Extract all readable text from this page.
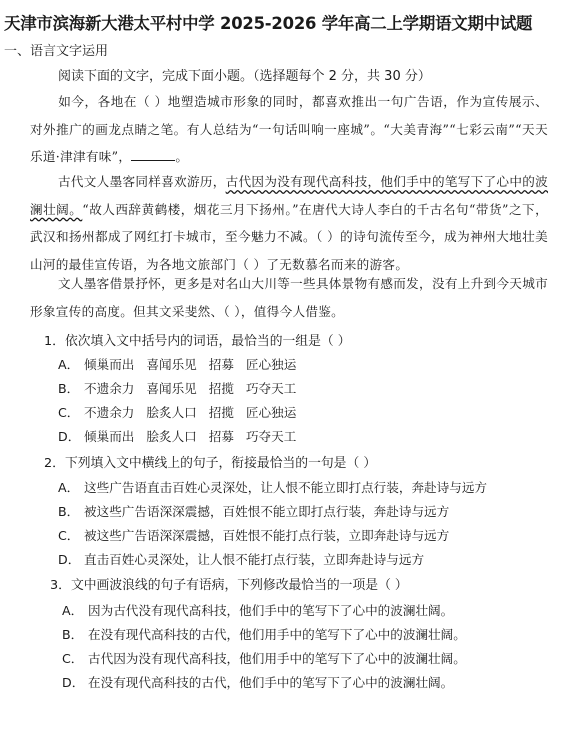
天津市滨海新大港太平村中学 2025-2026 学年高二上学期语文期中试题
一、语言文字运用
阅读下面的文字，完成下面小题。（选择题每个 2 分，共 30 分）
如今，各地在（ ）地塑造城市形象的同时，都喜欢推出一句广告语，作为宣传展示、对外推广的画龙点睛之笔。有人总结为“一句话叫响一座城”。“大美青海”“七彩云南”“天天乐道·津津有味”，	。
古代文人墨客同样喜欢游历，古代因为没有现代高科技，他们手中的笔写下了心中的波澜壮阔。“故人西辞黄鹤楼，烟花三月下扬州。”在唐代大诗人李白的千古名句“带货”之下，武汉和扬州都成了网红打卡城市，至今魅力不减。（ ）的诗句流传至今，成为神州大地壮美山河的最佳宣传语，为各地文旅部门（ ）了无数慕名而来的游客。
文人墨客借景抒怀，更多是对名山大川等一些具体景物有感而发，没有上升到今天城市形象宣传的高度。但其文采斐然、（ ），值得今人借鉴。
1．依次填入文中括号内的词语，最恰当的一组是（ ）
A． 倾巢而出 喜闻乐见 招募 匠心独运
B． 不遗余力 喜闻乐见 招揽 巧夺天工
C． 不遗余力 脍炙人口 招揽 匠心独运
D． 倾巢而出 脍炙人口 招募 巧夺天工
2．下列填入文中横线上的句子，衔接最恰当的一句是（ ）
A． 这些广告语直击百姓心灵深处，让人恨不能立即打点行装，奔赴诗与远方
B． 被这些广告语深深震撼，百姓恨不能立即打点行装，奔赴诗与远方
C． 被这些广告语深深震撼，百姓恨不能打点行装，立即奔赴诗与远方
D． 直击百姓心灵深处，让人恨不能打点行装，立即奔赴诗与远方
3．文中画波浪线的句子有语病，下列修改最恰当的一项是（ ）
A． 因为古代没有现代高科技，他们手中的笔写下了心中的波澜壮阔。
B． 在没有现代高科技的古代，他们用手中的笔写下了心中的波澜壮阔。
C． 古代因为没有现代高科技，他们用手中的笔写下了心中的波澜壮阔。
D． 在没有现代高科技的古代，他们手中的笔写下了心中的波澜壮阔。
